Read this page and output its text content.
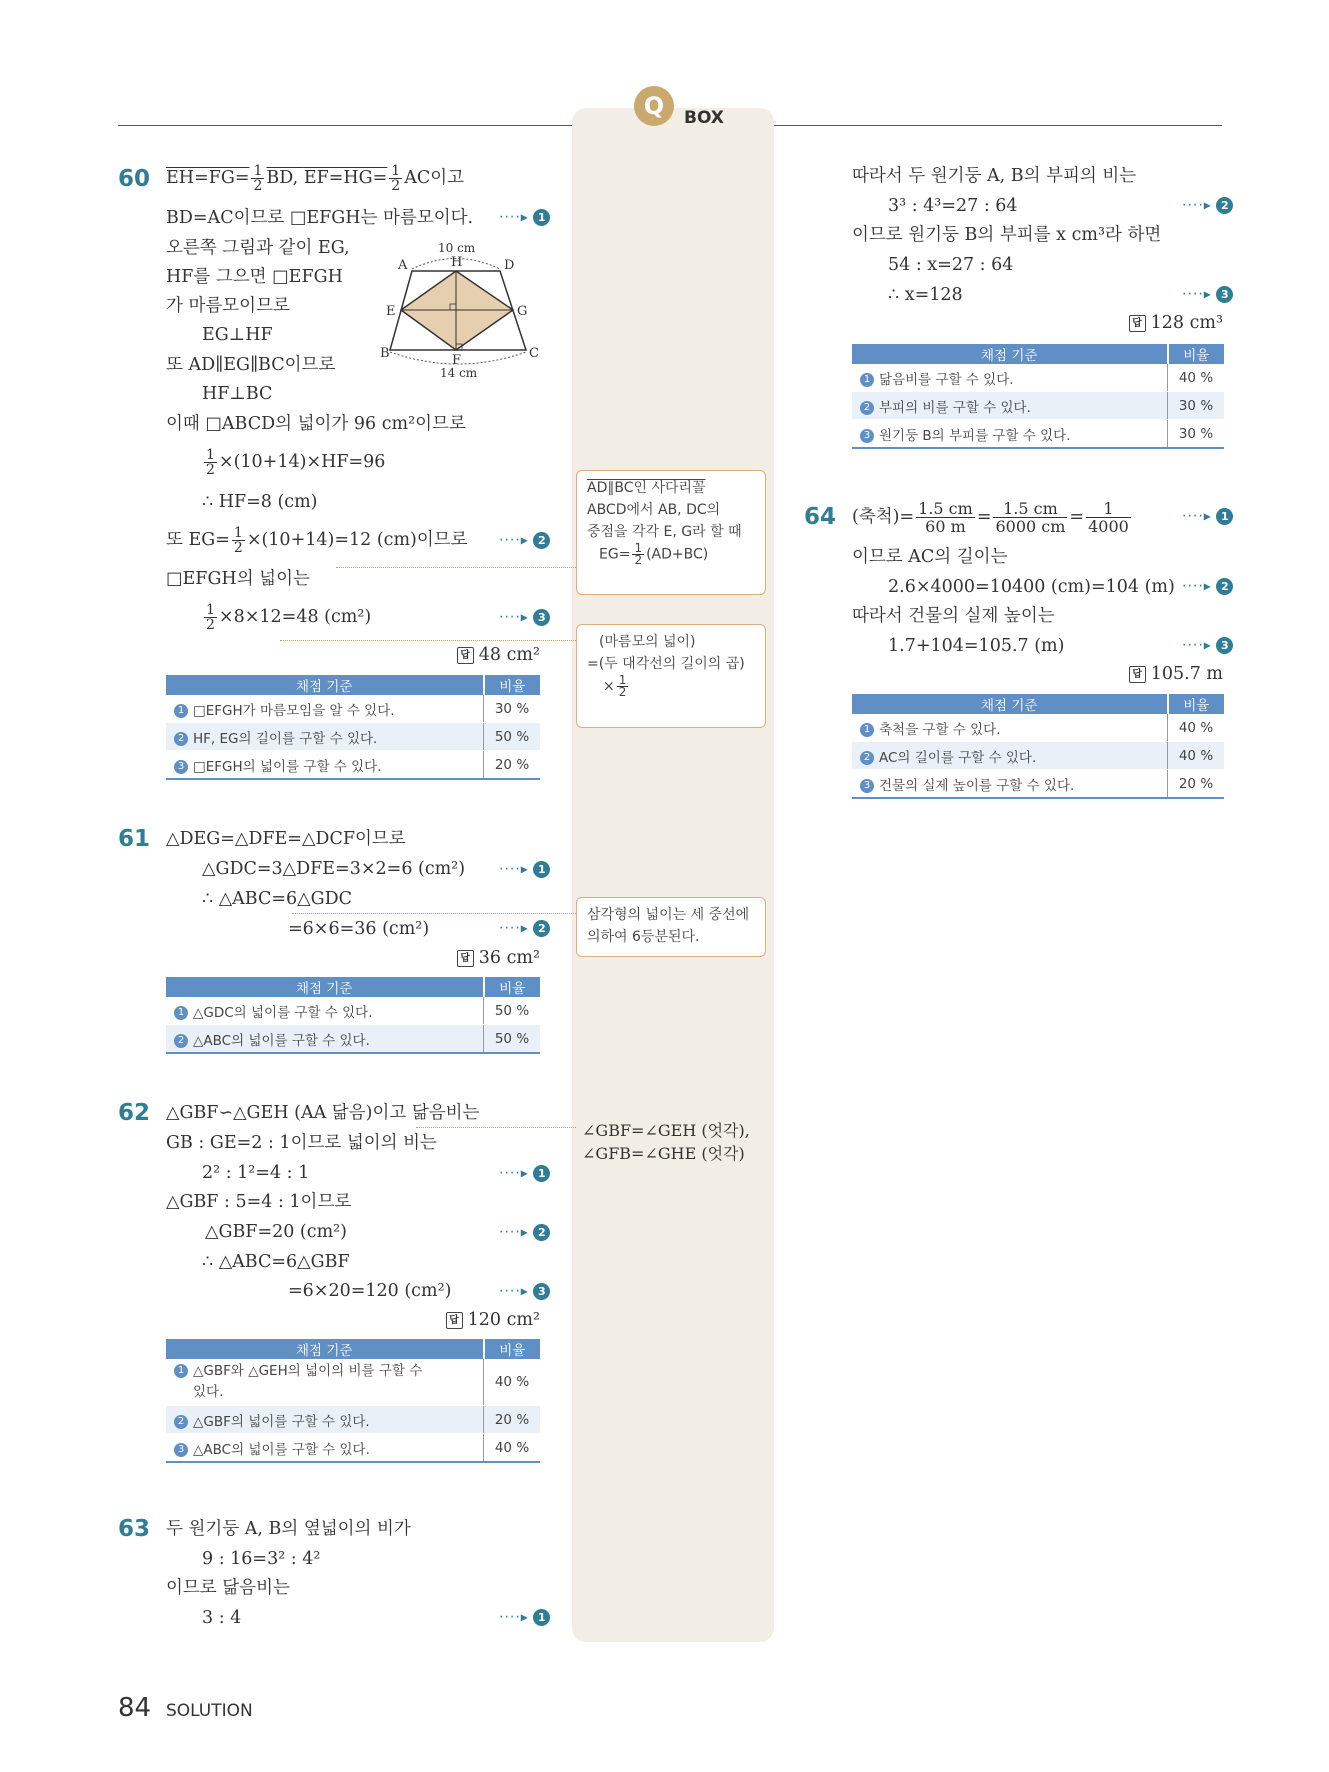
Q	BOX
60 $EH=FG= \frac{1}{2}$ BD, $EF=HG= \frac{1}{2}$ AC이고
BD=AC이므로 □EFGH는 마름모이다. ····▸ 1
오른쪽 그림과 같이 EG,
HF를 그으면 □EFGH
가 마름모이므로
EG⊥HF
또 AD∥EG∥BC이므로
HF⊥BC
10 cm
14 cm
A	H	D
E	G
B	F	C
이때 □ABCD의 넓이가 96 cm²이므로
$\frac{1}{2} \times(10+14)\times HF=96$
∴ HF=8 (cm)
또 $EG= \frac{1}{2} \times(10+14)=12$ (cm)이므로 ····▸ 2
□EFGH의 넓이는
$\frac{1}{2} \times 8\times 12=48$ (cm²)	····▸ 3
답 48 cm²
채점 기준	비율
1 □EFGH가 마름모임을 알 수 있다.	30 %
2 HF, EG의 길이를 구할 수 있다.	50 %
3 □EFGH의 넓이를 구할 수 있다.	20 %
61 △DEG=△DFE=△DCF이므로
△GDC=3△DFE=3×2=6 (cm²) ····▸ 1
∴ △ABC=6△GDC
=6×6=36 (cm²)	····▸ 2
답 36 cm²
채점 기준	비율
1 △GDC의 넓이를 구할 수 있다.	50 %
2 △ABC의 넓이를 구할 수 있다.	50 %
62 △GBF∽△GEH (AA 닮음)이고 닮음비는
GB : GE=2 : 1이므로 넓이의 비는
2² : 1²=4 : 1	····▸ 1
△GBF : 5=4 : 1이므로
△GBF=20 (cm²)	····▸ 2
∴ △ABC=6△GBF
=6×20=120 (cm²)	····▸ 3
답 120 cm²
채점 기준	비율
1 △GBF와 △GEH의 넓이의 비를 구할 수
있다.	40 %
2 △GBF의 넓이를 구할 수 있다.	20 %
3 △ABC의 넓이를 구할 수 있다.	40 %
63 두 원기둥 A, B의 옆넓이의 비가
9 : 16=3² : 4²
이므로 닮음비는
3 : 4	····▸ 1
AD∥BC인 사다리꼴
ABCD에서 AB, DC의
중점을 각각 E, G라 할 때
$EG= \frac{1}{2} (AD+BC)$
(마름모의 넓이)
=(두 대각선의 길이의 곱)
× $\frac{1}{2}$
삼각형의 넓이는 세 중선에
의하여 6등분된다.
∠GBF=∠GEH (엇각),
∠GFB=∠GHE (엇각)
따라서 두 원기둥 A, B의 부피의 비는
3³ : 4³=27 : 64	····▸ 2
이므로 원기둥 B의 부피를 x cm³라 하면
54 : x=27 : 64
····▸ 3
∴ x=128
답 128 cm³
채점 기준	비율
1 닮음비를 구할 수 있다.	40 %
2 부피의 비를 구할 수 있다.	30 %
3 원기둥 B의 부피를 구할 수 있다.	30 %
64 (축척)= $\frac{1.5 cm}{60 m} = \frac{1.5 cm}{6000 cm} = \frac{1}{4000}$	····▸ 1
이므로 AC의 길이는
2.6×4000=10400 (cm)=104 (m) ····▸ 2
따라서 건물의 실제 높이는
1.7+104=105.7 (m)	····▸ 3
답 105.7 m
채점 기준	비율
1 축척을 구할 수 있다.	40 %
2 AC의 길이를 구할 수 있다.	40 %
3 건물의 실제 높이를 구할 수 있다.	20 %
84 SOLUTION
